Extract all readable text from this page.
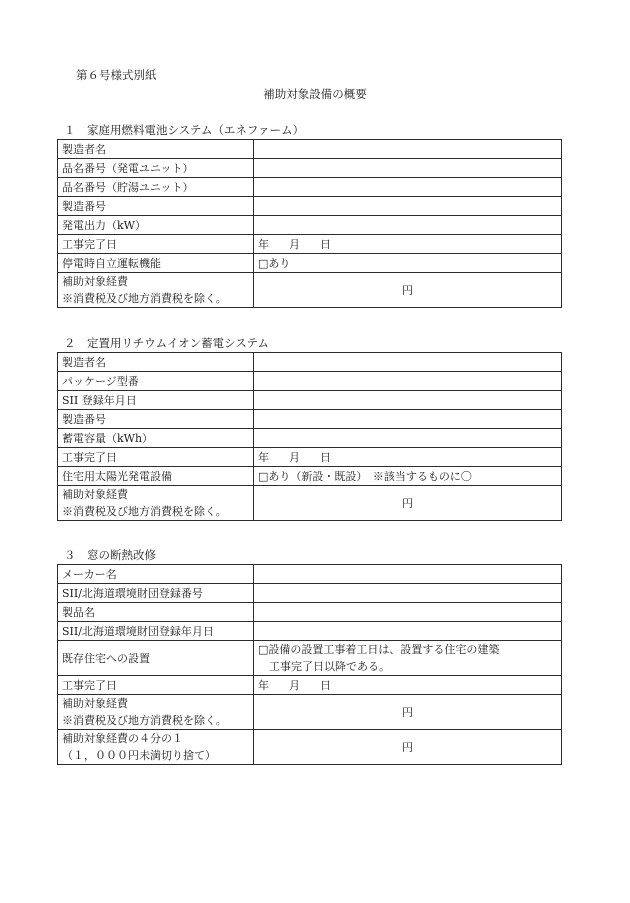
第６号様式別紙
補助対象設備の概要
１　家庭用燃料電池システム（エネファーム）
製造者名	
品名番号（発電ユニット）	
品名番号（貯湯ユニット）	
製造番号	
発電出力（kW）	
工事完了日	年 月 日
停電時自立運転機能	□あり

補助対象経費
※消費税及び地方消費税を除く。	円
２　定置用リチウムイオン蓄電システム
製造者名	
パッケージ型番	
SII 登録年月日	
製造番号	
蓄電容量（kWh）	
工事完了日	年 月 日
住宅用太陽光発電設備	□あり（新設・既設）　※該当するものに〇

補助対象経費
※消費税及び地方消費税を除く。	円
３　窓の断熱改修
メーカー名	
SII/北海道環境財団登録番号	
製品名	
SII/北海道環境財団登録年月日	
既存住宅への設置	□設備の設置工事着工日は、設置する住宅の建築
　工事完了日以降である。

工事完了日	年 月 日

補助対象経費
※消費税及び地方消費税を除く。	円

補助対象経費の４分の１
（１，０００円未満切り捨て）	円
